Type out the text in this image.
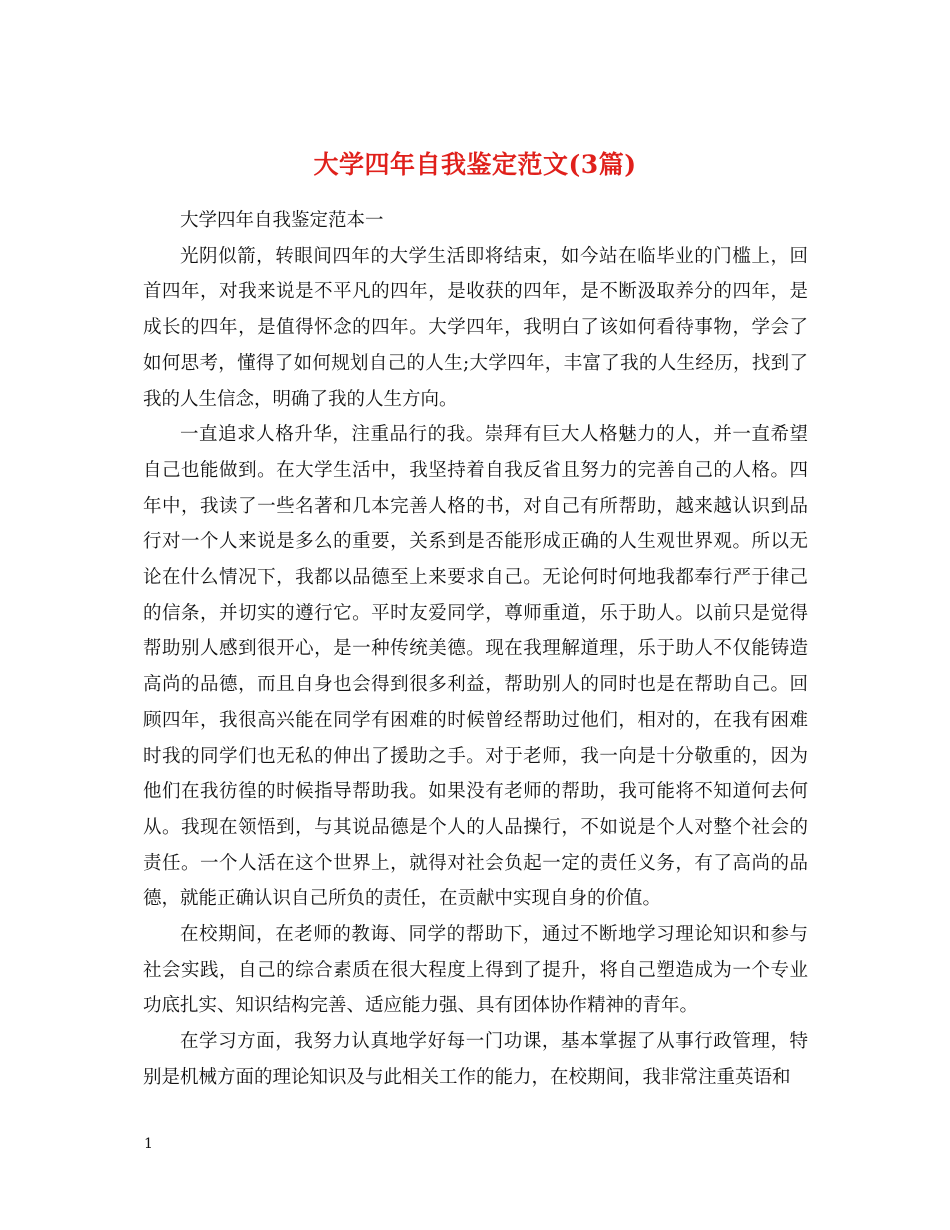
大学四年自我鉴定范文(3篇)

大学四年自我鉴定范本一

光阴似箭，转眼间四年的大学生活即将结束，如今站在临毕业的门槛上，回首四年，对我来说是不平凡的四年，是收获的四年，是不断汲取养分的四年，是成长的四年，是值得怀念的四年。大学四年，我明白了该如何看待事物，学会了如何思考，懂得了如何规划自己的人生;大学四年，丰富了我的人生经历，找到了我的人生信念，明确了我的人生方向。

一直追求人格升华，注重品行的我。崇拜有巨大人格魅力的人，并一直希望自己也能做到。在大学生活中，我坚持着自我反省且努力的完善自己的人格。四年中，我读了一些名著和几本完善人格的书，对自己有所帮助，越来越认识到品行对一个人来说是多么的重要，关系到是否能形成正确的人生观世界观。所以无论在什么情况下，我都以品德至上来要求自己。无论何时何地我都奉行严于律己的信条，并切实的遵行它。平时友爱同学，尊师重道，乐于助人。以前只是觉得帮助别人感到很开心，是一种传统美德。现在我理解道理，乐于助人不仅能铸造高尚的品德，而且自身也会得到很多利益，帮助别人的同时也是在帮助自己。回顾四年，我很高兴能在同学有困难的时候曾经帮助过他们，相对的，在我有困难时我的同学们也无私的伸出了援助之手。对于老师，我一向是十分敬重的，因为他们在我彷徨的时候指导帮助我。如果没有老师的帮助，我可能将不知道何去何从。我现在领悟到，与其说品德是个人的人品操行，不如说是个人对整个社会的责任。一个人活在这个世界上，就得对社会负起一定的责任义务，有了高尚的品德，就能正确认识自己所负的责任，在贡献中实现自身的价值。

在校期间，在老师的教诲、同学的帮助下，通过不断地学习理论知识和参与社会实践，自己的综合素质在很大程度上得到了提升，将自己塑造成为一个专业功底扎实、知识结构完善、适应能力强、具有团体协作精神的青年。

在学习方面，我努力认真地学好每一门功课，基本掌握了从事行政管理，特别是机械方面的理论知识及与此相关工作的能力，在校期间，我非常注重英语和

1
